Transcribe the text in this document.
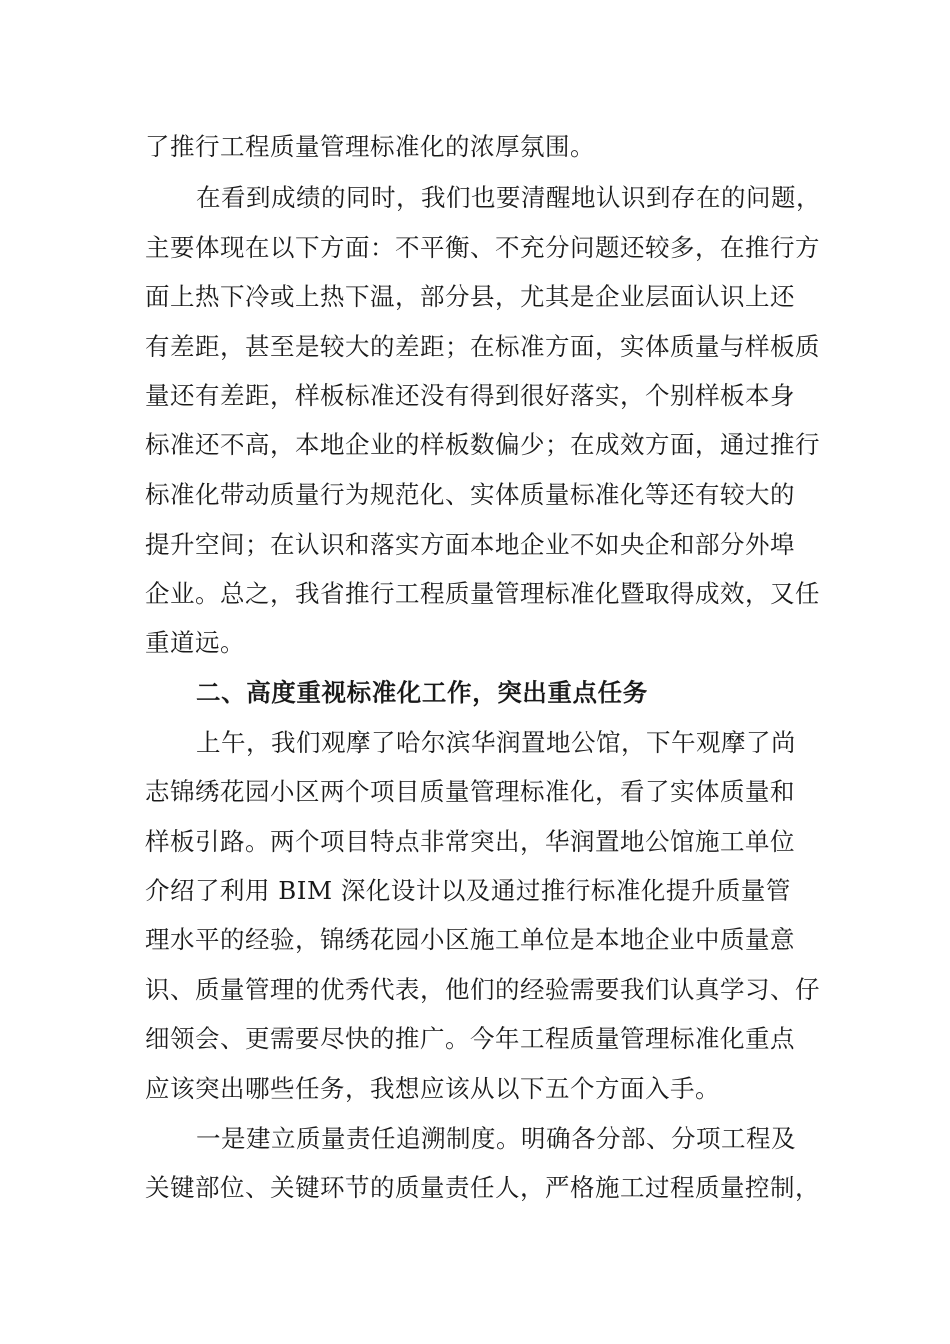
了推行工程质量管理标准化的浓厚氛围。
在看到成绩的同时，我们也要清醒地认识到存在的问题，
主要体现在以下方面：不平衡、不充分问题还较多，在推行方
面上热下冷或上热下温，部分县，尤其是企业层面认识上还
有差距，甚至是较大的差距；在标准方面，实体质量与样板质
量还有差距，样板标准还没有得到很好落实，个别样板本身
标准还不高，本地企业的样板数偏少；在成效方面，通过推行
标准化带动质量行为规范化、实体质量标准化等还有较大的
提升空间；在认识和落实方面本地企业不如央企和部分外埠
企业。总之，我省推行工程质量管理标准化暨取得成效，又任
重道远。
二、高度重视标准化工作，突出重点任务
上午，我们观摩了哈尔滨华润置地公馆，下午观摩了尚
志锦绣花园小区两个项目质量管理标准化，看了实体质量和
样板引路。两个项目特点非常突出，华润置地公馆施工单位
介绍了利用 BIM 深化设计以及通过推行标准化提升质量管
理水平的经验，锦绣花园小区施工单位是本地企业中质量意
识、质量管理的优秀代表，他们的经验需要我们认真学习、仔
细领会、更需要尽快的推广。今年工程质量管理标准化重点
应该突出哪些任务，我想应该从以下五个方面入手。
一是建立质量责任追溯制度。明确各分部、分项工程及
关键部位、关键环节的质量责任人，严格施工过程质量控制，
